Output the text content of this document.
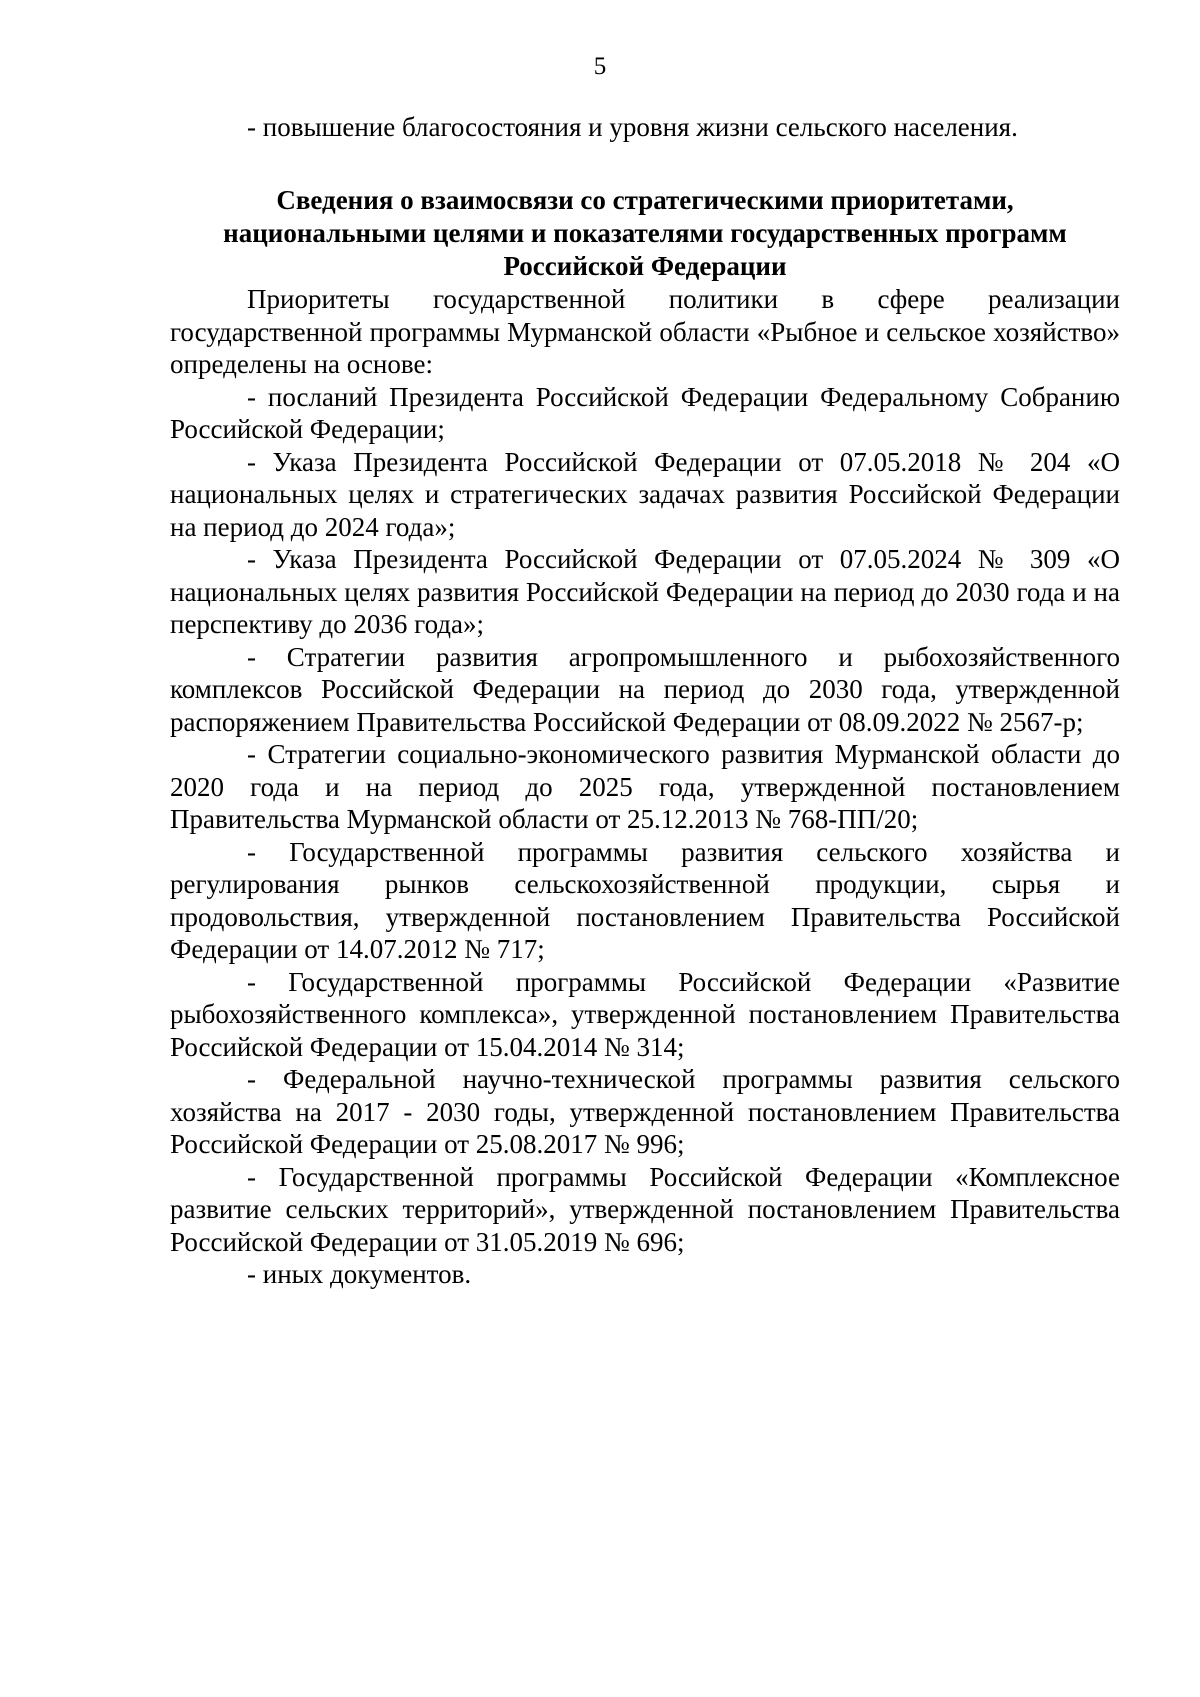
5

- повышение благосостояния и уровня жизни сельского населения.

Сведения о взаимосвязи со стратегическими приоритетами,
национальными целями и показателями государственных программ
Российской Федерации

Приоритеты государственной политики в сфере реализации государственной программы Мурманской области «Рыбное и сельское хозяйство» определены на основе:

- посланий Президента Российской Федерации Федеральному Собранию Российской Федерации;
- Указа Президента Российской Федерации от 07.05.2018 № 204 «О национальных целях и стратегических задачах развития Российской Федерации на период до 2024 года»;
- Указа Президента Российской Федерации от 07.05.2024 № 309 «О национальных целях развития Российской Федерации на период до 2030 года и на перспективу до 2036 года»;
- Стратегии развития агропромышленного и рыбохозяйственного комплексов Российской Федерации на период до 2030 года, утвержденной распоряжением Правительства Российской Федерации от 08.09.2022 № 2567-р;
- Стратегии социально-экономического развития Мурманской области до 2020 года и на период до 2025 года, утвержденной постановлением Правительства Мурманской области от 25.12.2013 № 768-ПП/20;
- Государственной программы развития сельского хозяйства и регулирования рынков сельскохозяйственной продукции, сырья и продовольствия, утвержденной постановлением Правительства Российской Федерации от 14.07.2012 № 717;
- Государственной программы Российской Федерации «Развитие рыбохозяйственного комплекса», утвержденной постановлением Правительства Российской Федерации от 15.04.2014 № 314;
- Федеральной научно-технической программы развития сельского хозяйства на 2017 - 2030 годы, утвержденной постановлением Правительства Российской Федерации от 25.08.2017 № 996;
- Государственной программы Российской Федерации «Комплексное развитие сельских территорий», утвержденной постановлением Правительства Российской Федерации от 31.05.2019 № 696;
- иных документов.
